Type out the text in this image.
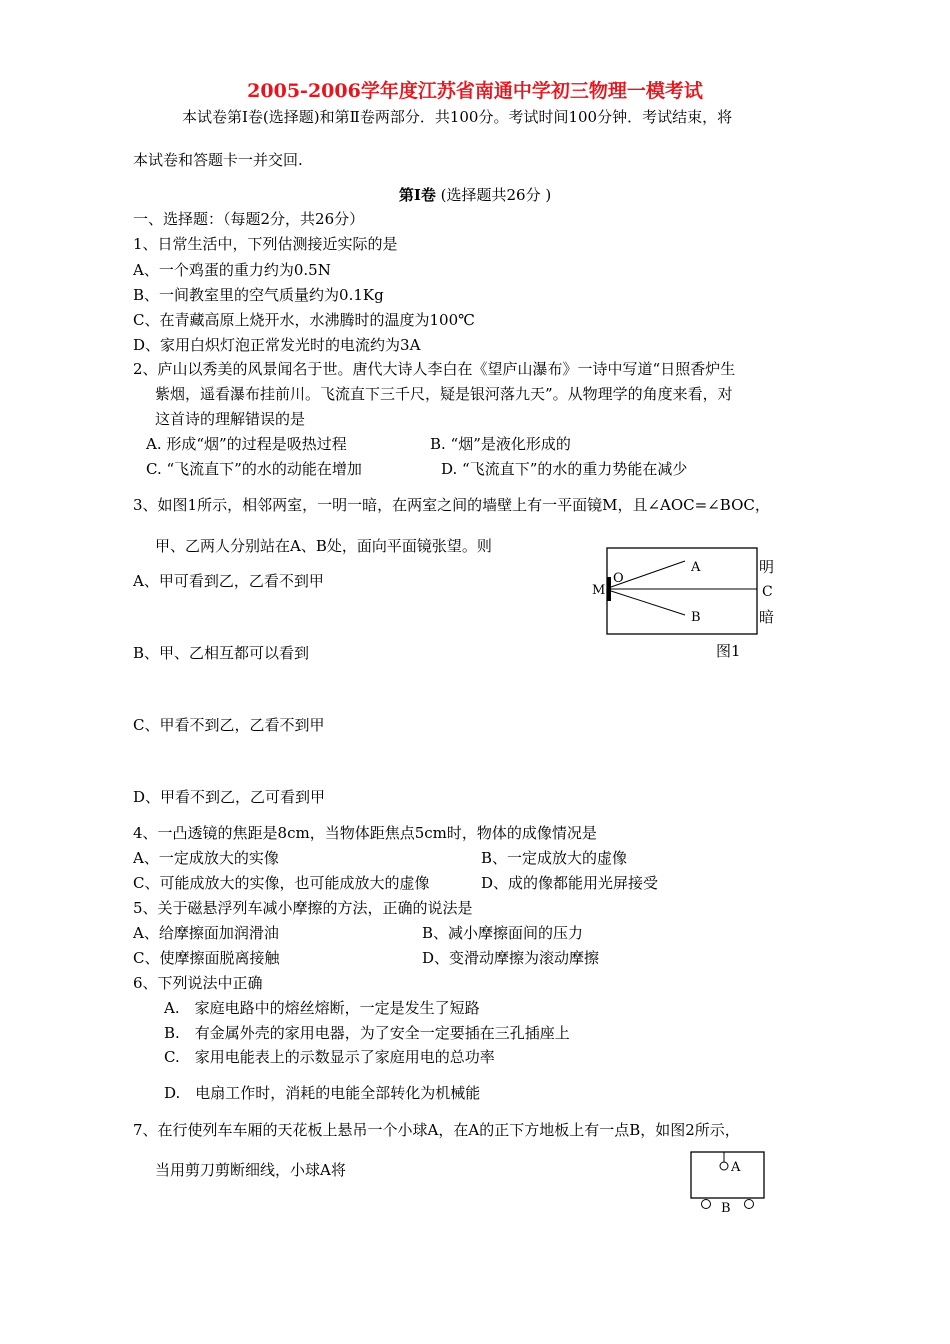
2005-2006学年度江苏省南通中学初三物理一模考试
本试卷第Ⅰ卷(选择题)和第Ⅱ卷两部分．共100分。考试时间100分钟．考试结束，将
本试卷和答题卡一并交回.
第Ⅰ卷 (选择题共26分 )
一、选择题：（每题2分，共26分）
1、日常生活中，下列估测接近实际的是
A、一个鸡蛋的重力约为0.5N
B、一间教室里的空气质量约为0.1Kg
C、在青藏高原上烧开水，水沸腾时的温度为100℃
D、家用白炽灯泡正常发光时的电流约为3A
2、庐山以秀美的风景闻名于世。唐代大诗人李白在《望庐山瀑布》一诗中写道“日照香炉生
紫烟，遥看瀑布挂前川。飞流直下三千尺，疑是银河落九天”。从物理学的角度来看，对
这首诗的理解错误的是
A. 形成“烟”的过程是吸热过程	B. “烟”是液化形成的
C. “飞流直下”的水的动能在增加	D. “飞流直下”的水的重力势能在减少
3、如图1所示，相邻两室，一明一暗，在两室之间的墙壁上有一平面镜M，且∠AOC=∠BOC，
甲、乙两人分别站在A、B处，面向平面镜张望。则
A、甲可看到乙，乙看不到甲
B、甲、乙相互都可以看到
C、甲看不到乙，乙看不到甲
D、甲看不到乙，乙可看到甲
M
O
A
B
明
C
暗
图1
4、一凸透镜的焦距是8cm，当物体距焦点5cm时，物体的成像情况是
A、一定成放大的实像	B、一定成放大的虚像
C、可能成放大的实像，也可能成放大的虚像	D、成的像都能用光屏接受
5、关于磁悬浮列车减小摩擦的方法，正确的说法是
A、给摩擦面加润滑油	B、减小摩擦面间的压力
C、使摩擦面脱离接触	D、变滑动摩擦为滚动摩擦
6、下列说法中正确
A.　家庭电路中的熔丝熔断，一定是发生了短路
B.　有金属外壳的家用电器，为了安全一定要插在三孔插座上
C.　家用电能表上的示数显示了家庭用电的总功率
D.　电扇工作时，消耗的电能全部转化为机械能
7、在行使列车车厢的天花板上悬吊一个小球A，在A的正下方地板上有一点B，如图2所示，
当用剪刀剪断细线，小球A将	A
B
